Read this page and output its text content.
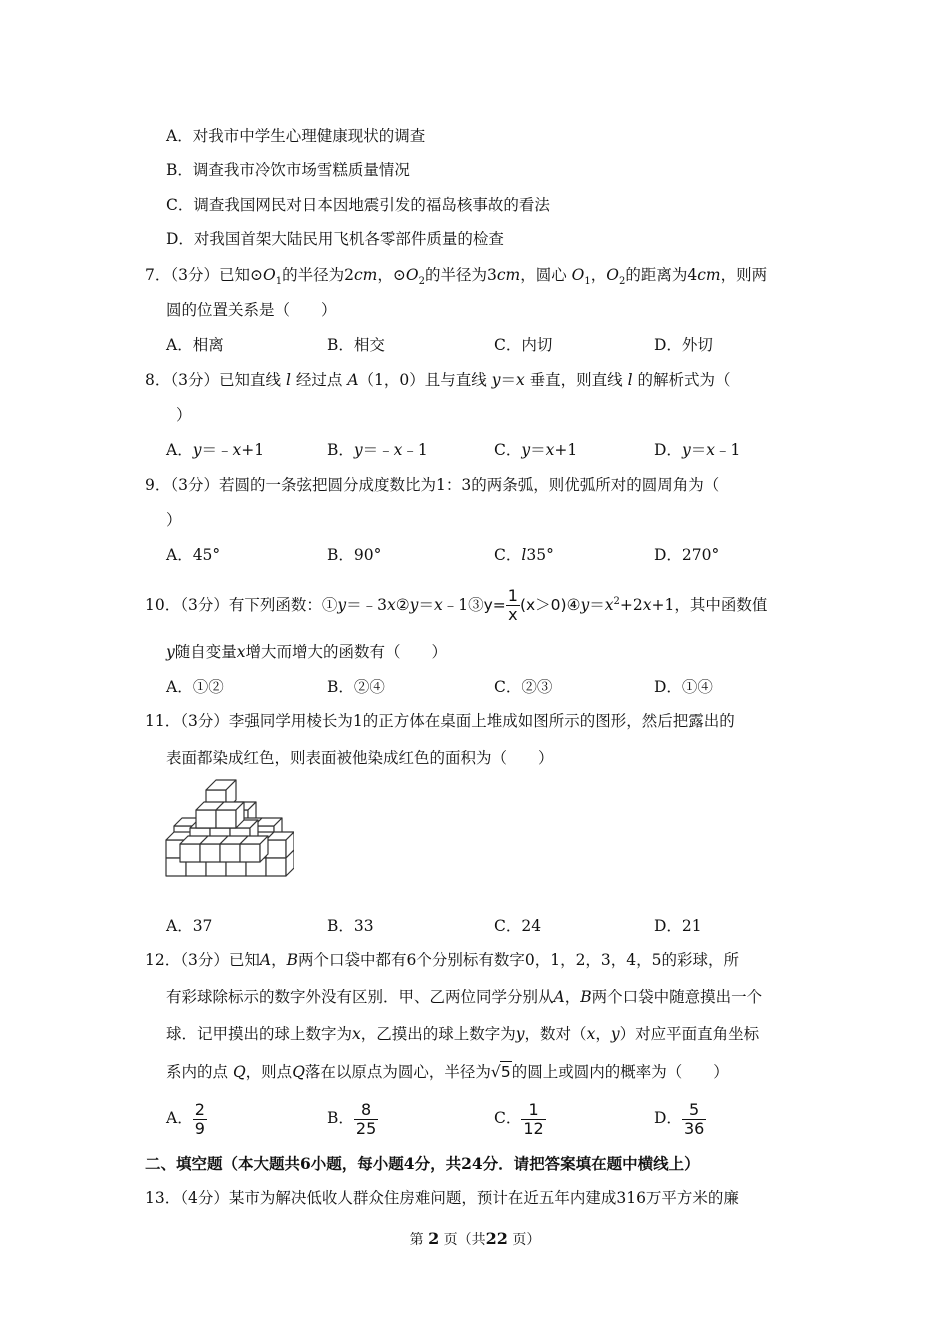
A．对我市中学生心理健康现状的调查
B．调查我市冷饮市场雪糕质量情况
C．调查我国网民对日本因地震引发的福岛核事故的看法
D．对我国首架大陆民用飞机各零部件质量的检查
7．（3分）已知$⊙O_1$的半径为2cm，$⊙O_2$的半径为3cm，圆心 $O_1$，$O_2$的距离为4cm，则两
圆的位置关系是（　　）
A．相离	B．相交	C．内切	D．外切
8．（3分）已知直线 l 经过点 A（1，0）且与直线 y＝x 垂直，则直线 l 的解析式为（
）
A．y＝﹣x+1	B．y＝﹣x﹣1	C．y＝x+1	D．y＝x﹣1
9．（3分）若圆的一条弦把圆分成度数比为1：3的两条弧，则优弧所对的圆周角为（
）
A．45°	B．90°	C．l35°	D．270°
10．（3分）有下列函数：①y＝﹣3x②y＝x﹣1③y= $\frac{1}{x}$ $(x>0)④y=x^2+2x+1$，其中函数值
y随自变量x增大而增大的函数有（　　）
A．①②	B．②④	C．②③	D．①④
11．（3分）李强同学用棱长为1的正方体在桌面上堆成如图所示的图形，然后把露出的
表面都染成红色，则表面被他染成红色的面积为（　　）
A．37	B．33	C．24	D．21
12．（3分）已知A，B两个口袋中都有6个分别标有数字0，1，2，3，4，5的彩球，所
有彩球除标示的数字外没有区别．甲、乙两位同学分别从A，B两个口袋中随意摸出一个
球．记甲摸出的球上数字为x，乙摸出的球上数字为y，数对（x，y）对应平面直角坐标
系内的点 Q，则点Q落在以原点为圆心，半径为√5的圆上或圆内的概率为（　　）
A． $\frac{2}{9}$	B． $\frac{8}{25}$	C． $\frac{1}{12}$	D． $\frac{5}{36}$
二、填空题（本大题共6小题，每小题4分，共24分．请把答案填在题中横线上）
13．（4分）某市为解决低收人群众住房难问题，预计在近五年内建成316万平方米的廉
第 2 页（共22 页）
